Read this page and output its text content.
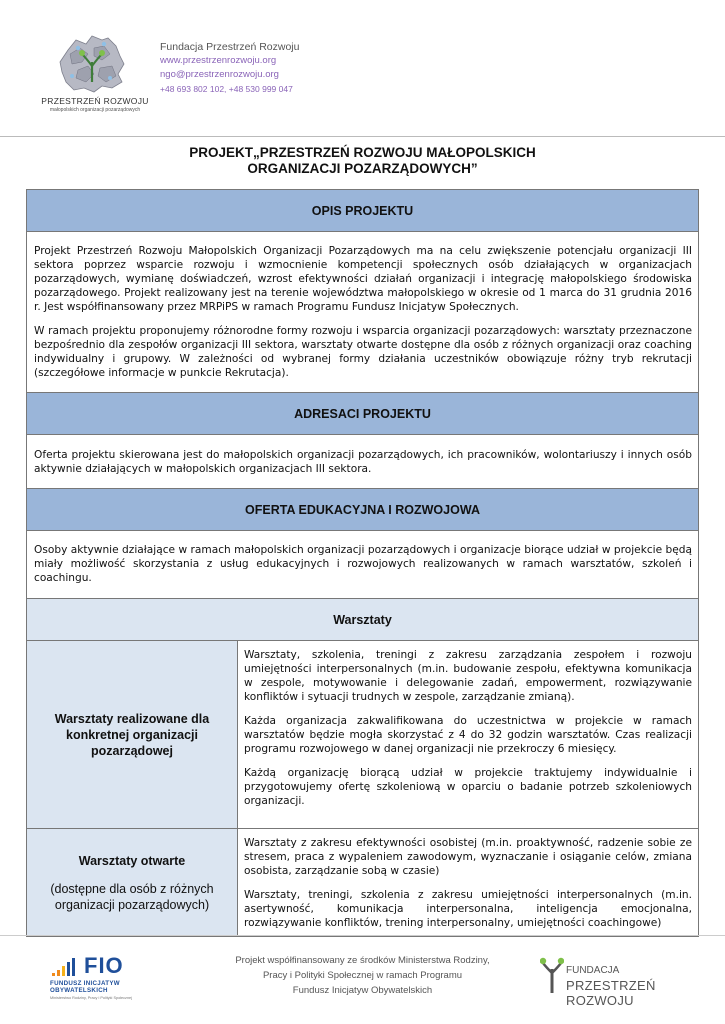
PRZESTRZEŃ ROZWOJU
małopolskich organizacji pozarządowych
Fundacja Przestrzeń Rozwoju
www.przestrzenrozwoju.org
ngo@przestrzenrozwoju.org
+48 693 802 102, +48 530 999 047
PROJEKT„PRZESTRZEŃ ROZWOJU MAŁOPOLSKICH
ORGANIZACJI POZARZĄDOWYCH”
OPIS PROJEKTU

Projekt Przestrzeń Rozwoju Małopolskich Organizacji Pozarządowych ma na celu zwiększenie potencjału organizacji III sektora poprzez wsparcie rozwoju i wzmocnienie kompetencji społecznych osób działających w organizacjach pozarządowych, wymianę doświadczeń, wzrost efektywności działań organizacji i integrację małopolskiego środowiska pozarządowego. Projekt realizowany jest na terenie województwa małopolskiego w okresie od 1 marca do 31 grudnia 2016 r. Jest współfinansowany przez MRPiPS w ramach Programu Fundusz Inicjatyw Społecznych.

W ramach projektu proponujemy różnorodne formy rozwoju i wsparcia organizacji pozarządowych: warsztaty przeznaczone bezpośrednio dla zespołów organizacji III sektora, warsztaty otwarte dostępne dla osób z różnych organizacji oraz coaching indywidualny i grupowy. W zależności od wybranej formy działania uczestników obowiązuje różny tryb rekrutacji (szczegółowe informacje w punkcie Rekrutacja).

ADRESACI PROJEKTU

Oferta projektu skierowana jest do małopolskich organizacji pozarządowych, ich pracowników, wolontariuszy i innych osób aktywnie działających w małopolskich organizacjach III sektora.

OFERTA EDUKACYJNA I ROZWOJOWA

Osoby aktywnie działające w ramach małopolskich organizacji pozarządowych i organizacje biorące udział w projekcie będą miały możliwość skorzystania z usług edukacyjnych i rozwojowych realizowanych w ramach warsztatów, szkoleń i coachingu.

Warsztaty
Warsztaty realizowane dla konkretnej organizacji pozarządowej

Warsztaty, szkolenia, treningi z zakresu zarządzania zespołem i rozwoju umiejętności interpersonalnych (m.in. budowanie zespołu, efektywna komunikacja w zespole, motywowanie i delegowanie zadań, empowerment, rozwiązywanie konfliktów i sytuacji trudnych w zespole, zarządzanie zmianą).

Każda organizacja zakwalifikowana do uczestnictwa w projekcie w ramach warsztatów będzie mogła skorzystać z 4 do 32 godzin warsztatów. Czas realizacji programu rozwojowego w danej organizacji nie przekroczy 6 miesięcy.

Każdą organizację biorącą udział w projekcie traktujemy indywidualnie i przygotowujemy ofertę szkoleniową w oparciu o badanie potrzeb szkoleniowych organizacji.

Warsztaty otwarte
(dostępne dla osób z różnych organizacji pozarządowych)

Warsztaty z zakresu efektywności osobistej (m.in. proaktywność, radzenie sobie ze stresem, praca z wypaleniem zawodowym, wyznaczanie i osiąganie celów, zmiana osobista, zarządzanie sobą w czasie)

Warsztaty, treningi, szkolenia z zakresu umiejętności interpersonalnych (m.in. asertywność, komunikacja interpersonalna, inteligencja emocjonalna, rozwiązywanie konfliktów, trening interpersonalny, umiejętności coachingowe)

FIO
FUNDUSZ INICJATYW OBYWATELSKICH
Ministerstwo Rodziny, Pracy i Polityki Społecznej
Projekt współfinansowany ze środków Ministerstwa Rodziny,
Pracy i Polityki Społecznej w ramach Programu
Fundusz Inicjatyw Obywatelskich
FUNDACJA
PRZESTRZEŃ ROZWOJU
